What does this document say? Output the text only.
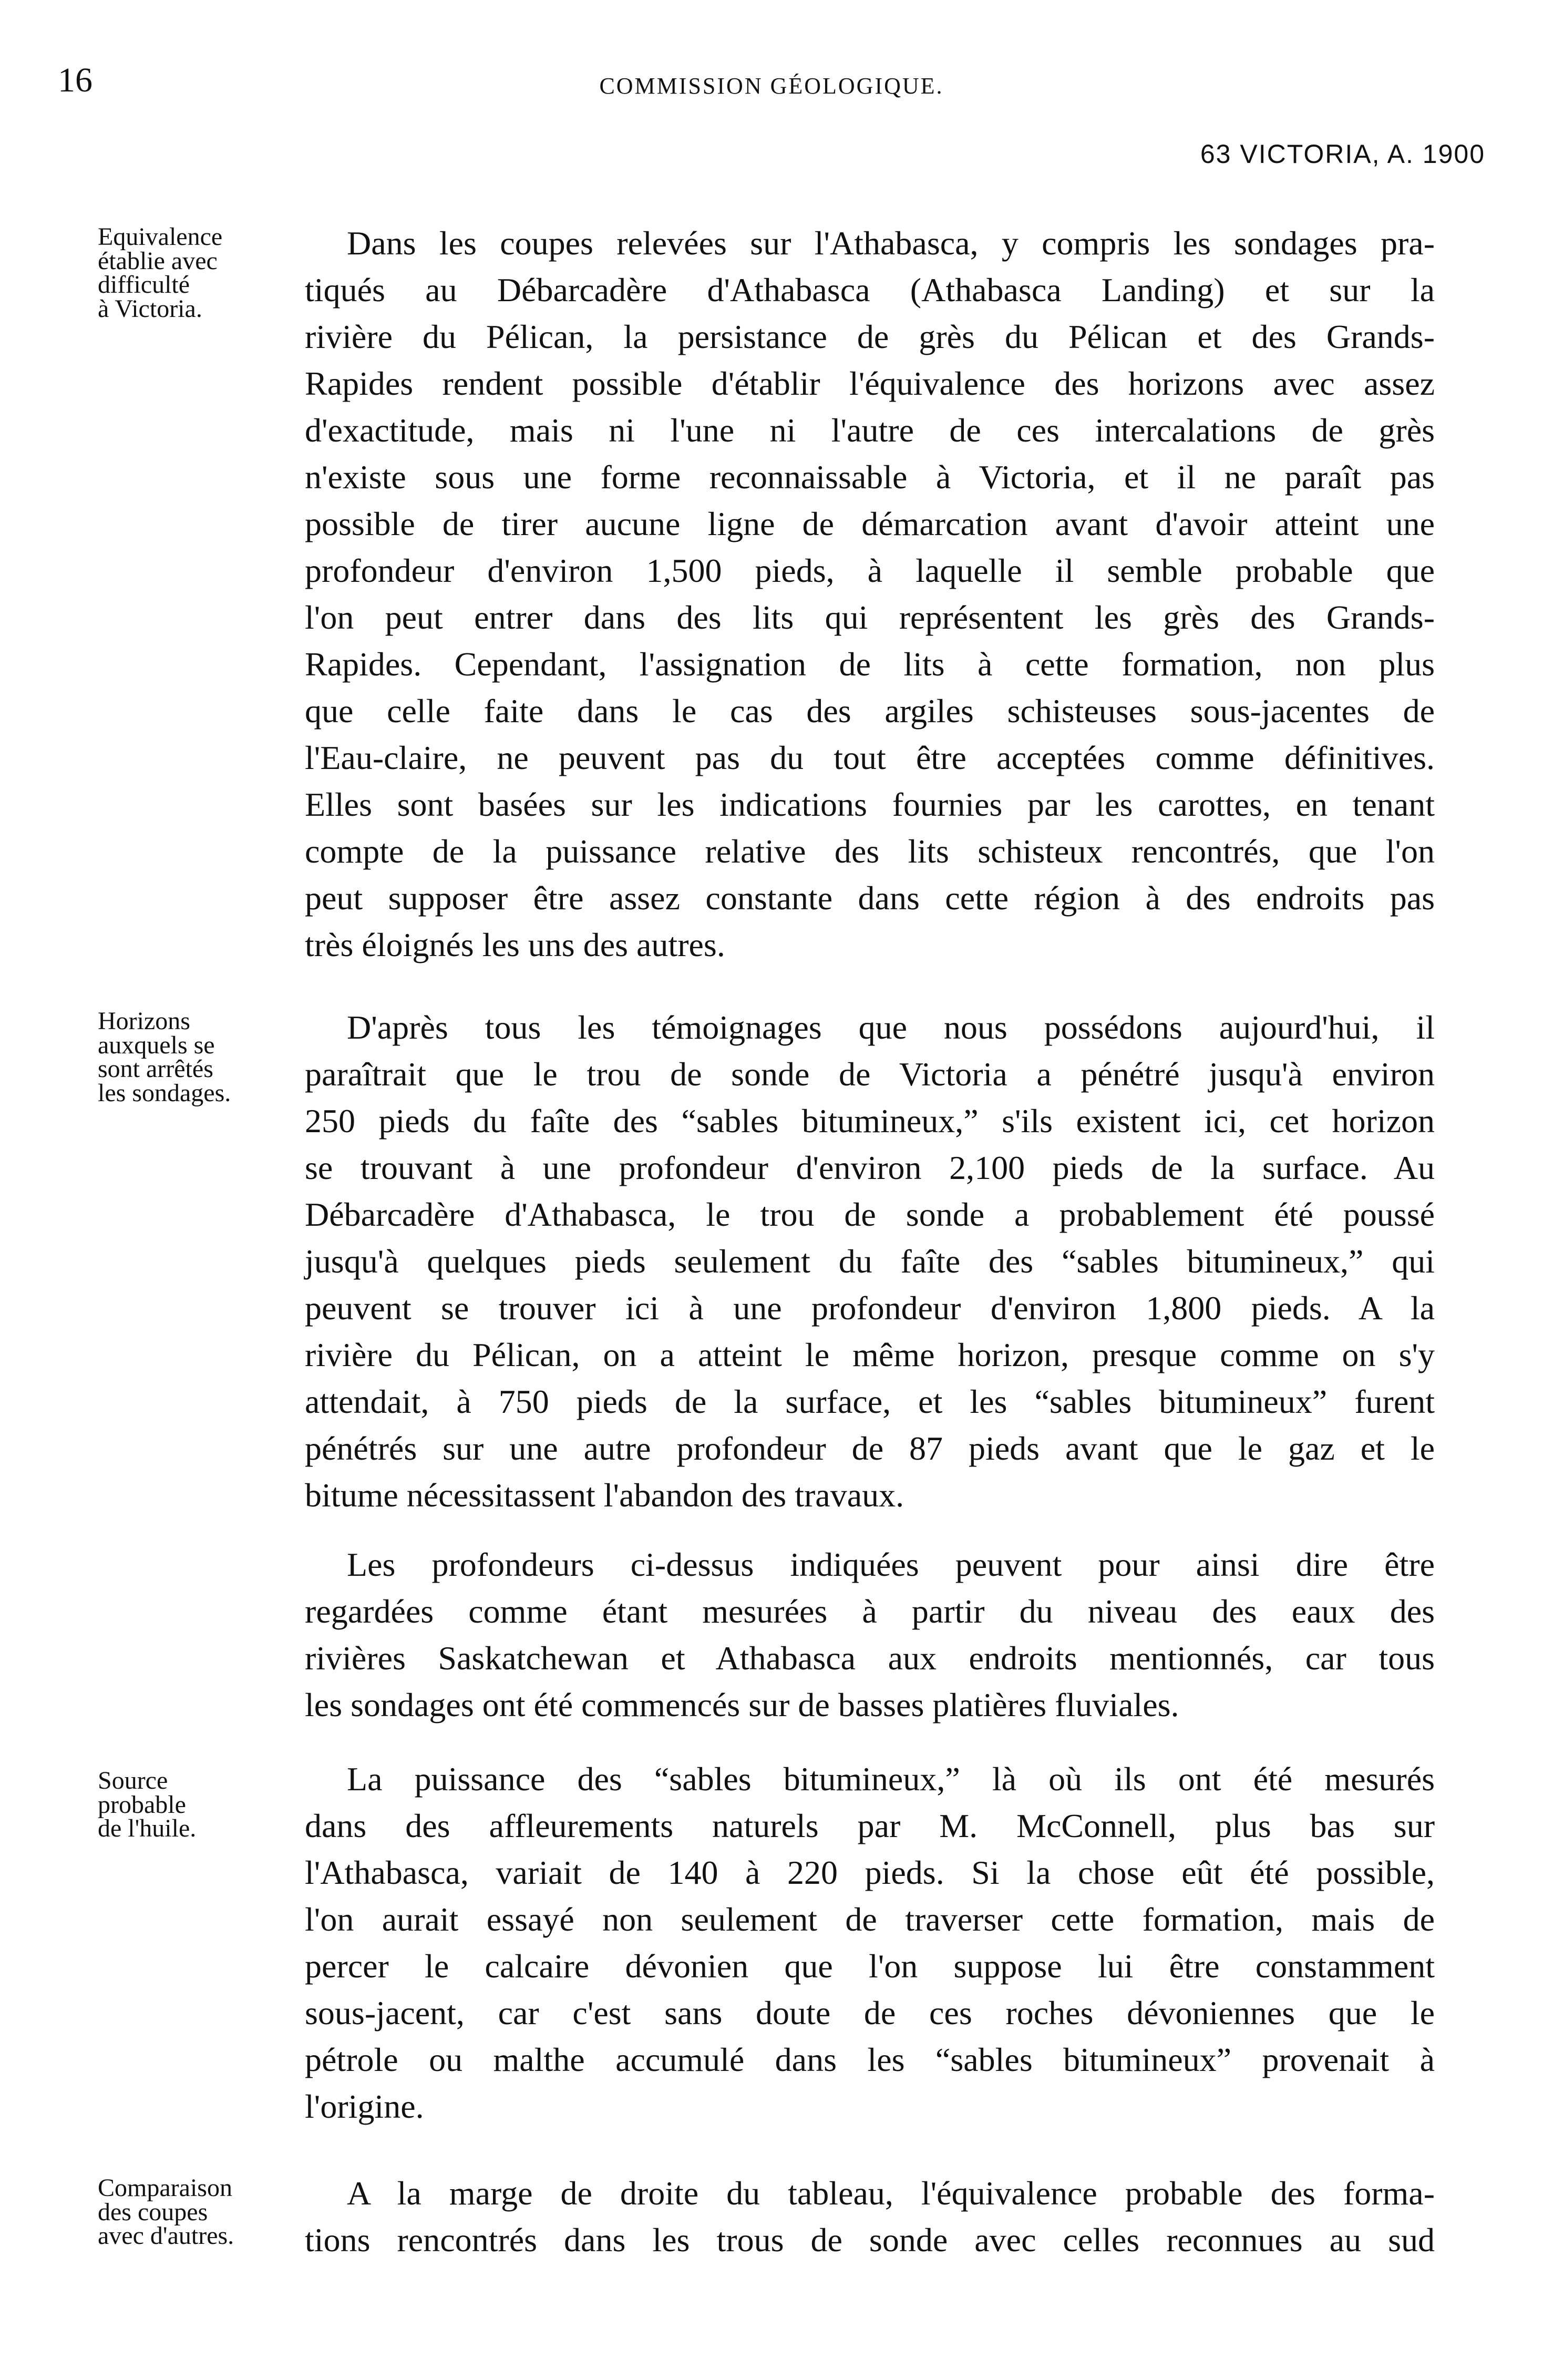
16	COMMISSION GÉOLOGIQUE.
63 VICTORIA, A. 1900
Equivalence
établie avec
difficulté
à Victoria.
Horizons
auxquels se
sont arrêtés
les sondages.
Source
probable
de l'huile.
Comparaison
des coupes
avec d'autres.
Dans les coupes relevées sur l'Athabasca, y compris les sondages pra-
tiqués au Débarcadère d'Athabasca (Athabasca Landing) et sur la
rivière du Pélican, la persistance de grès du Pélican et des Grands-
Rapides rendent possible d'établir l'équivalence des horizons avec assez
d'exactitude, mais ni l'une ni l'autre de ces intercalations de grès
n'existe sous une forme reconnaissable à Victoria, et il ne paraît pas
possible de tirer aucune ligne de démarcation avant d'avoir atteint une
profondeur d'environ 1,500 pieds, à laquelle il semble probable que
l'on peut entrer dans des lits qui représentent les grès des Grands-
Rapides. Cependant, l'assignation de lits à cette formation, non plus
que celle faite dans le cas des argiles schisteuses sous-jacentes de
l'Eau-claire, ne peuvent pas du tout être acceptées comme définitives.
Elles sont basées sur les indications fournies par les carottes, en tenant
compte de la puissance relative des lits schisteux rencontrés, que l'on
peut supposer être assez constante dans cette région à des endroits pas
très éloignés les uns des autres.
D'après tous les témoignages que nous possédons aujourd'hui, il
paraîtrait que le trou de sonde de Victoria a pénétré jusqu'à environ
250 pieds du faîte des “sables bitumineux,” s'ils existent ici, cet horizon
se trouvant à une profondeur d'environ 2,100 pieds de la surface. Au
Débarcadère d'Athabasca, le trou de sonde a probablement été poussé
jusqu'à quelques pieds seulement du faîte des “sables bitumineux,” qui
peuvent se trouver ici à une profondeur d'environ 1,800 pieds. A la
rivière du Pélican, on a atteint le même horizon, presque comme on s'y
attendait, à 750 pieds de la surface, et les “sables bitumineux” furent
pénétrés sur une autre profondeur de 87 pieds avant que le gaz et le
bitume nécessitassent l'abandon des travaux.
Les profondeurs ci-dessus indiquées peuvent pour ainsi dire être
regardées comme étant mesurées à partir du niveau des eaux des
rivières Saskatchewan et Athabasca aux endroits mentionnés, car tous
les sondages ont été commencés sur de basses platières fluviales.
La puissance des “sables bitumineux,” là où ils ont été mesurés
dans des affleurements naturels par M. McConnell, plus bas sur
l'Athabasca, variait de 140 à 220 pieds. Si la chose eût été possible,
l'on aurait essayé non seulement de traverser cette formation, mais de
percer le calcaire dévonien que l'on suppose lui être constamment
sous-jacent, car c'est sans doute de ces roches dévoniennes que le
pétrole ou malthe accumulé dans les “sables bitumineux” provenait à
l'origine.
A la marge de droite du tableau, l'équivalence probable des forma-
tions rencontrés dans les trous de sonde avec celles reconnues au sud
